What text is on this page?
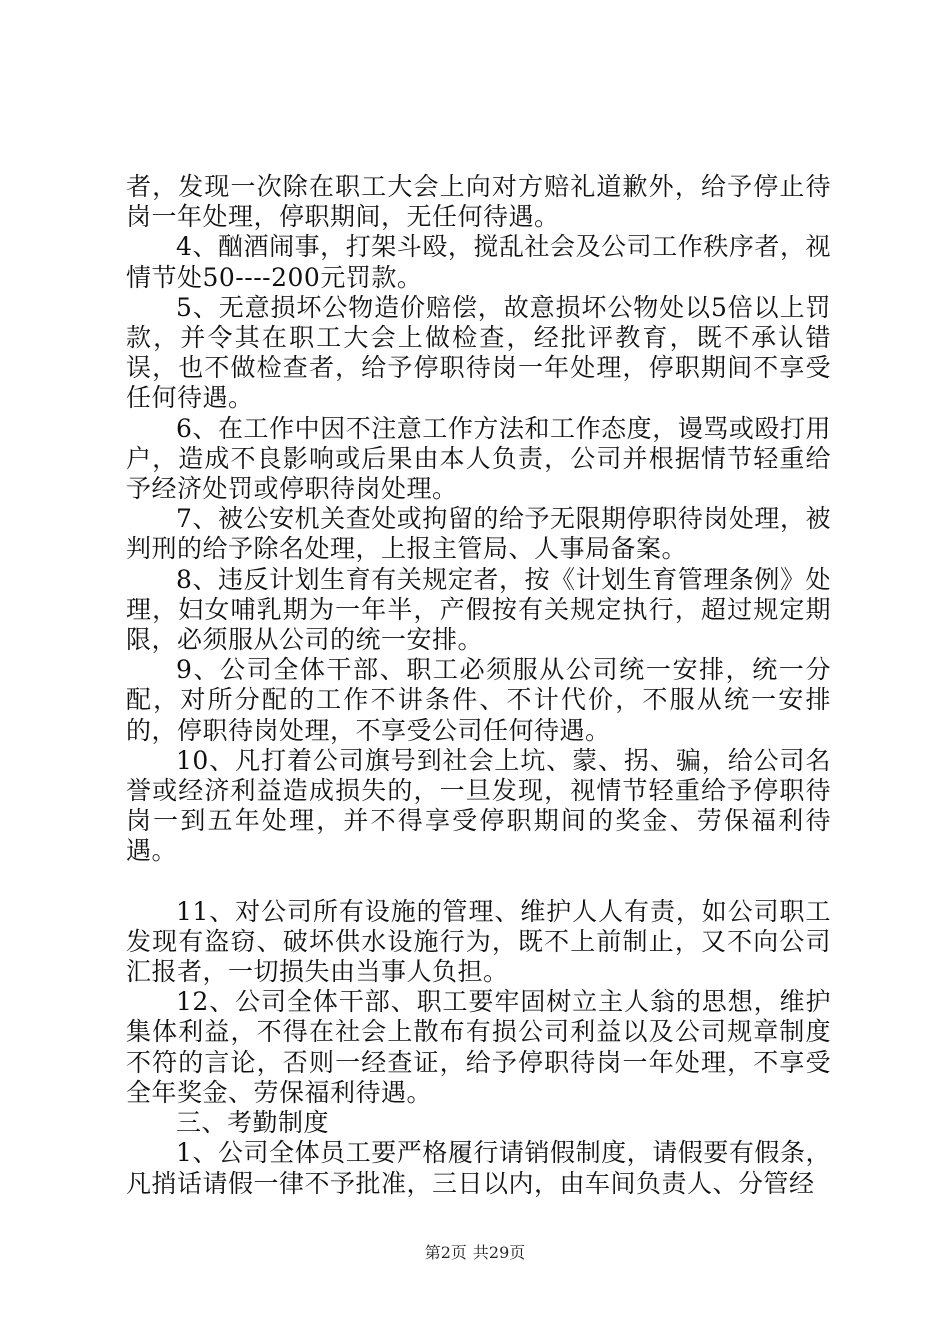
者，发现一次除在职工大会上向对方赔礼道歉外，给予停止待岗一年处理，停职期间，无任何待遇。

4、酗酒闹事，打架斗殴，搅乱社会及公司工作秩序者，视情节处50----200元罚款。

5、无意损坏公物造价赔偿，故意损坏公物处以5倍以上罚款，并令其在职工大会上做检查，经批评教育，既不承认错误，也不做检查者，给予停职待岗一年处理，停职期间不享受任何待遇。

6、在工作中因不注意工作方法和工作态度，谩骂或殴打用户，造成不良影响或后果由本人负责，公司并根据情节轻重给予经济处罚或停职待岗处理。

7、被公安机关查处或拘留的给予无限期停职待岗处理，被判刑的给予除名处理，上报主管局、人事局备案。

8、违反计划生育有关规定者，按《计划生育管理条例》处理，妇女哺乳期为一年半，产假按有关规定执行，超过规定期限，必须服从公司的统一安排。

9、公司全体干部、职工必须服从公司统一安排，统一分配，对所分配的工作不讲条件、不计代价，不服从统一安排的，停职待岗处理，不享受公司任何待遇。

10、凡打着公司旗号到社会上坑、蒙、拐、骗，给公司名誉或经济利益造成损失的，一旦发现，视情节轻重给予停职待岗一到五年处理，并不得享受停职期间的奖金、劳保福利待遇。

11、对公司所有设施的管理、维护人人有责，如公司职工发现有盗窃、破坏供水设施行为，既不上前制止，又不向公司汇报者，一切损失由当事人负担。

12、公司全体干部、职工要牢固树立主人翁的思想，维护集体利益，不得在社会上散布有损公司利益以及公司规章制度不符的言论，否则一经查证，给予停职待岗一年处理，不享受全年奖金、劳保福利待遇。

三、考勤制度

1、公司全体员工要严格履行请销假制度，请假要有假条，凡捎话请假一律不予批准，三日以内，由车间负责人、分管经

第2页 共29页
